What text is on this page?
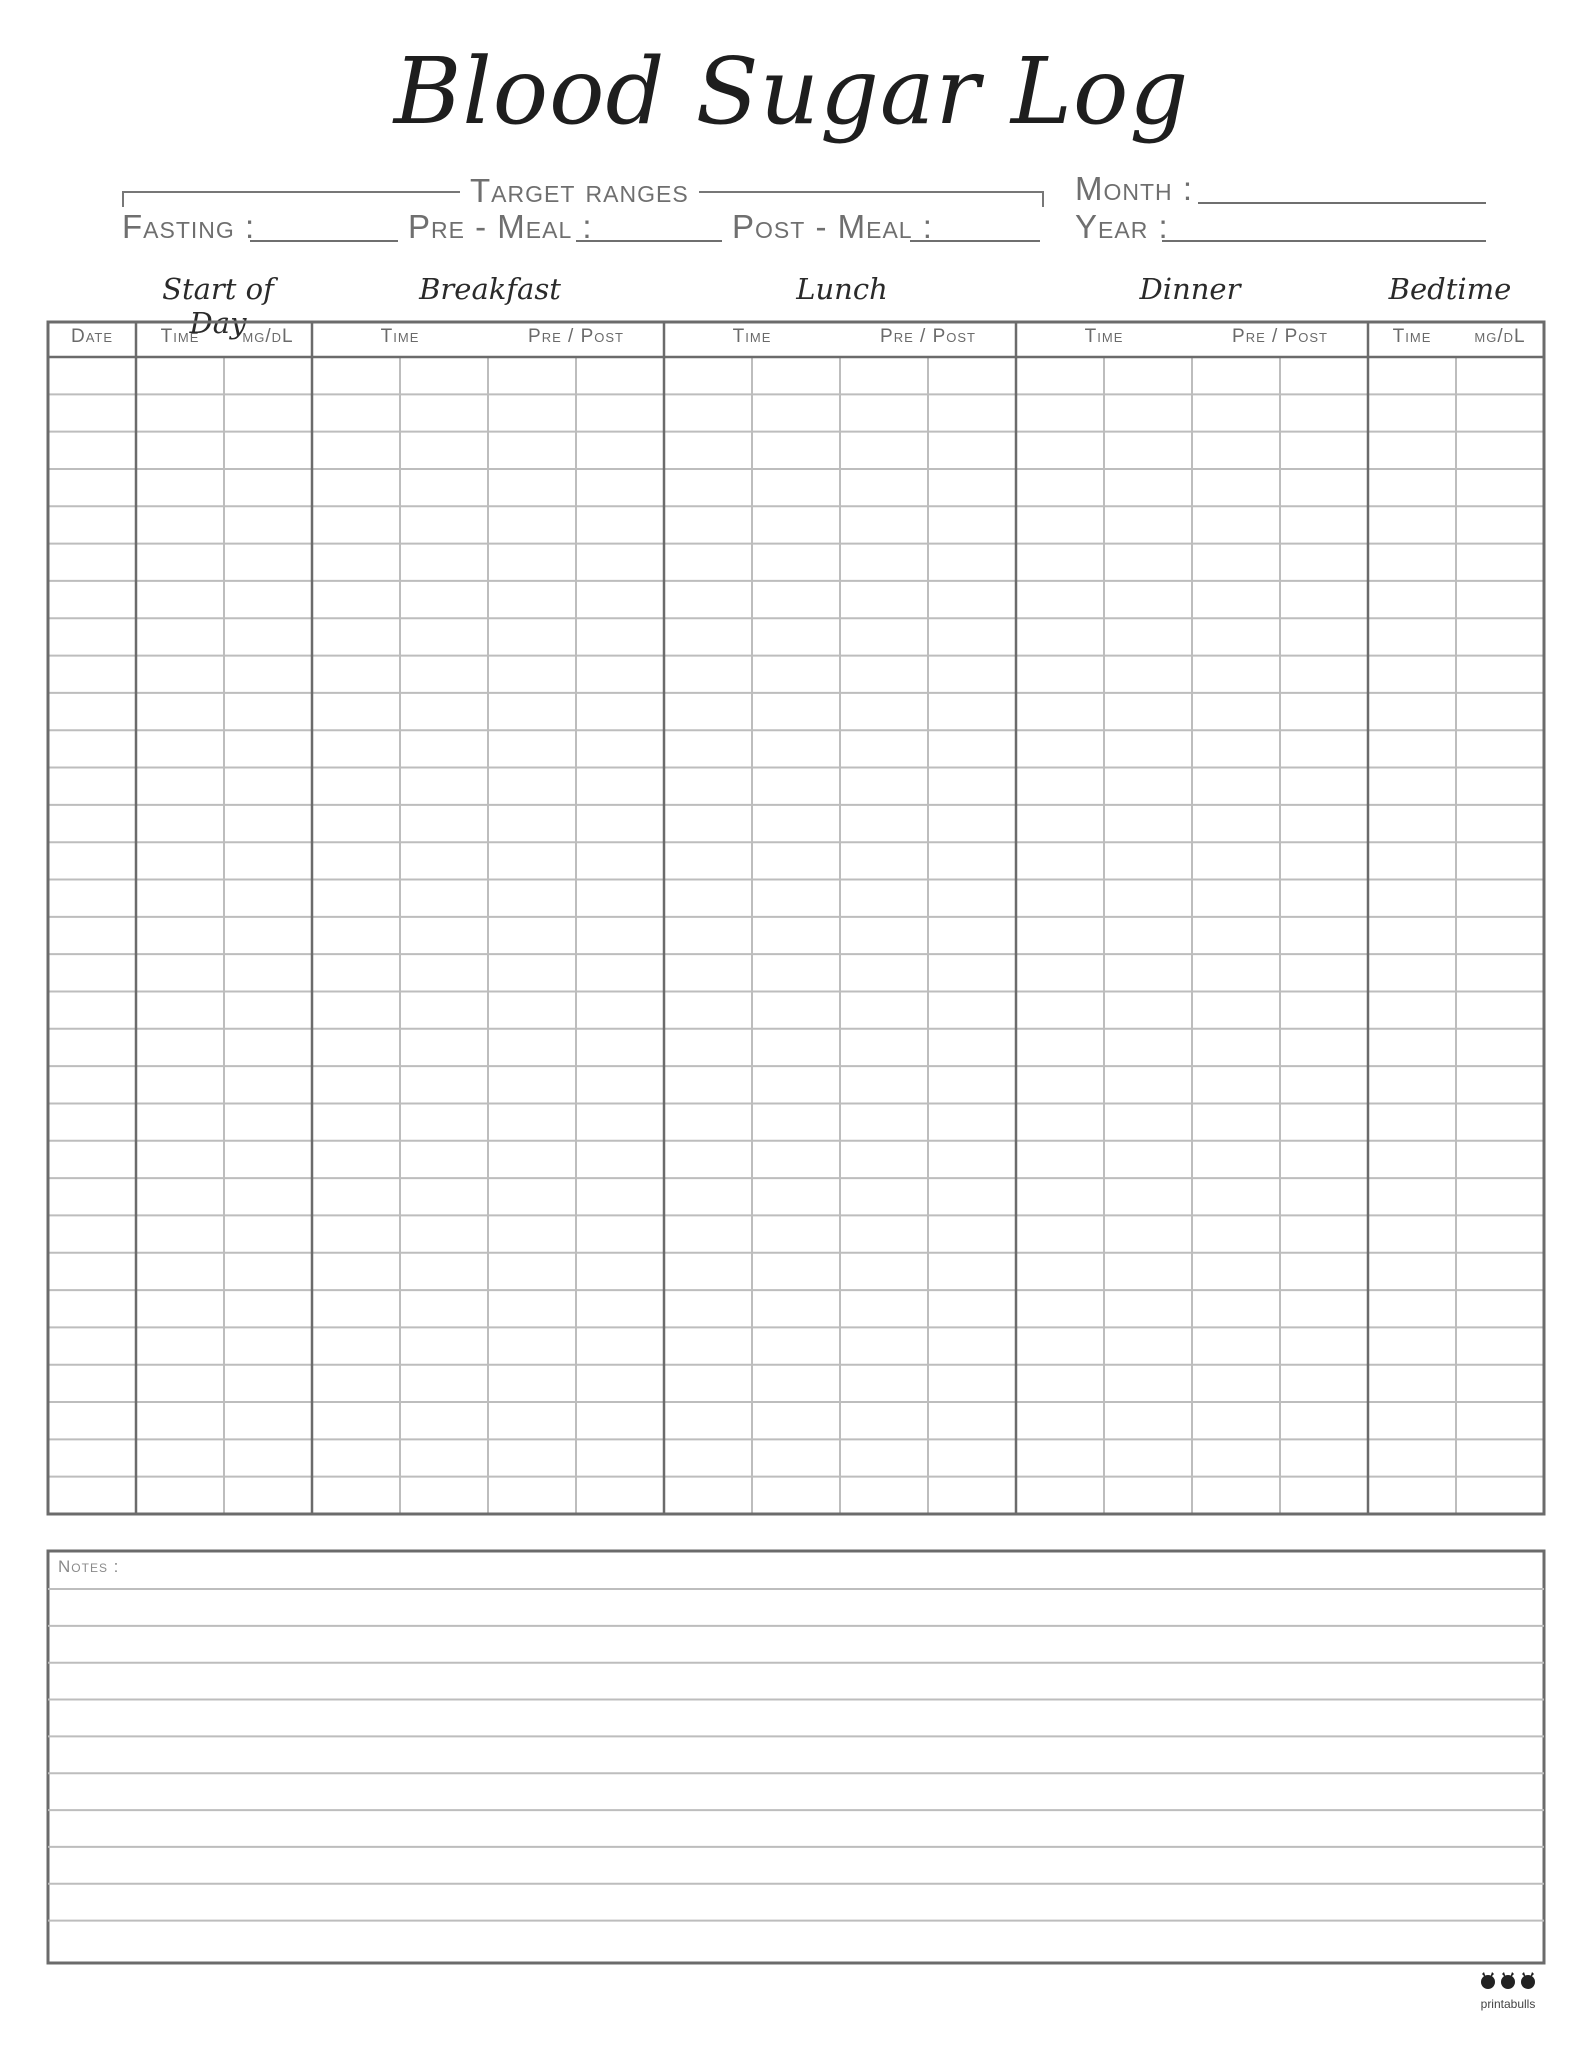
Blood Sugar Log
Target ranges
Fasting :	Pre - Meal :	Post - Meal :
Month :
Year :
Start of Day
Breakfast	Lunch	Dinner	Bedtime
Date	Time	mg/dL	Time	Pre / Post	Time	Pre / Post	Time	Pre / Post	Time	mg/dL
Notes :
printabulls
